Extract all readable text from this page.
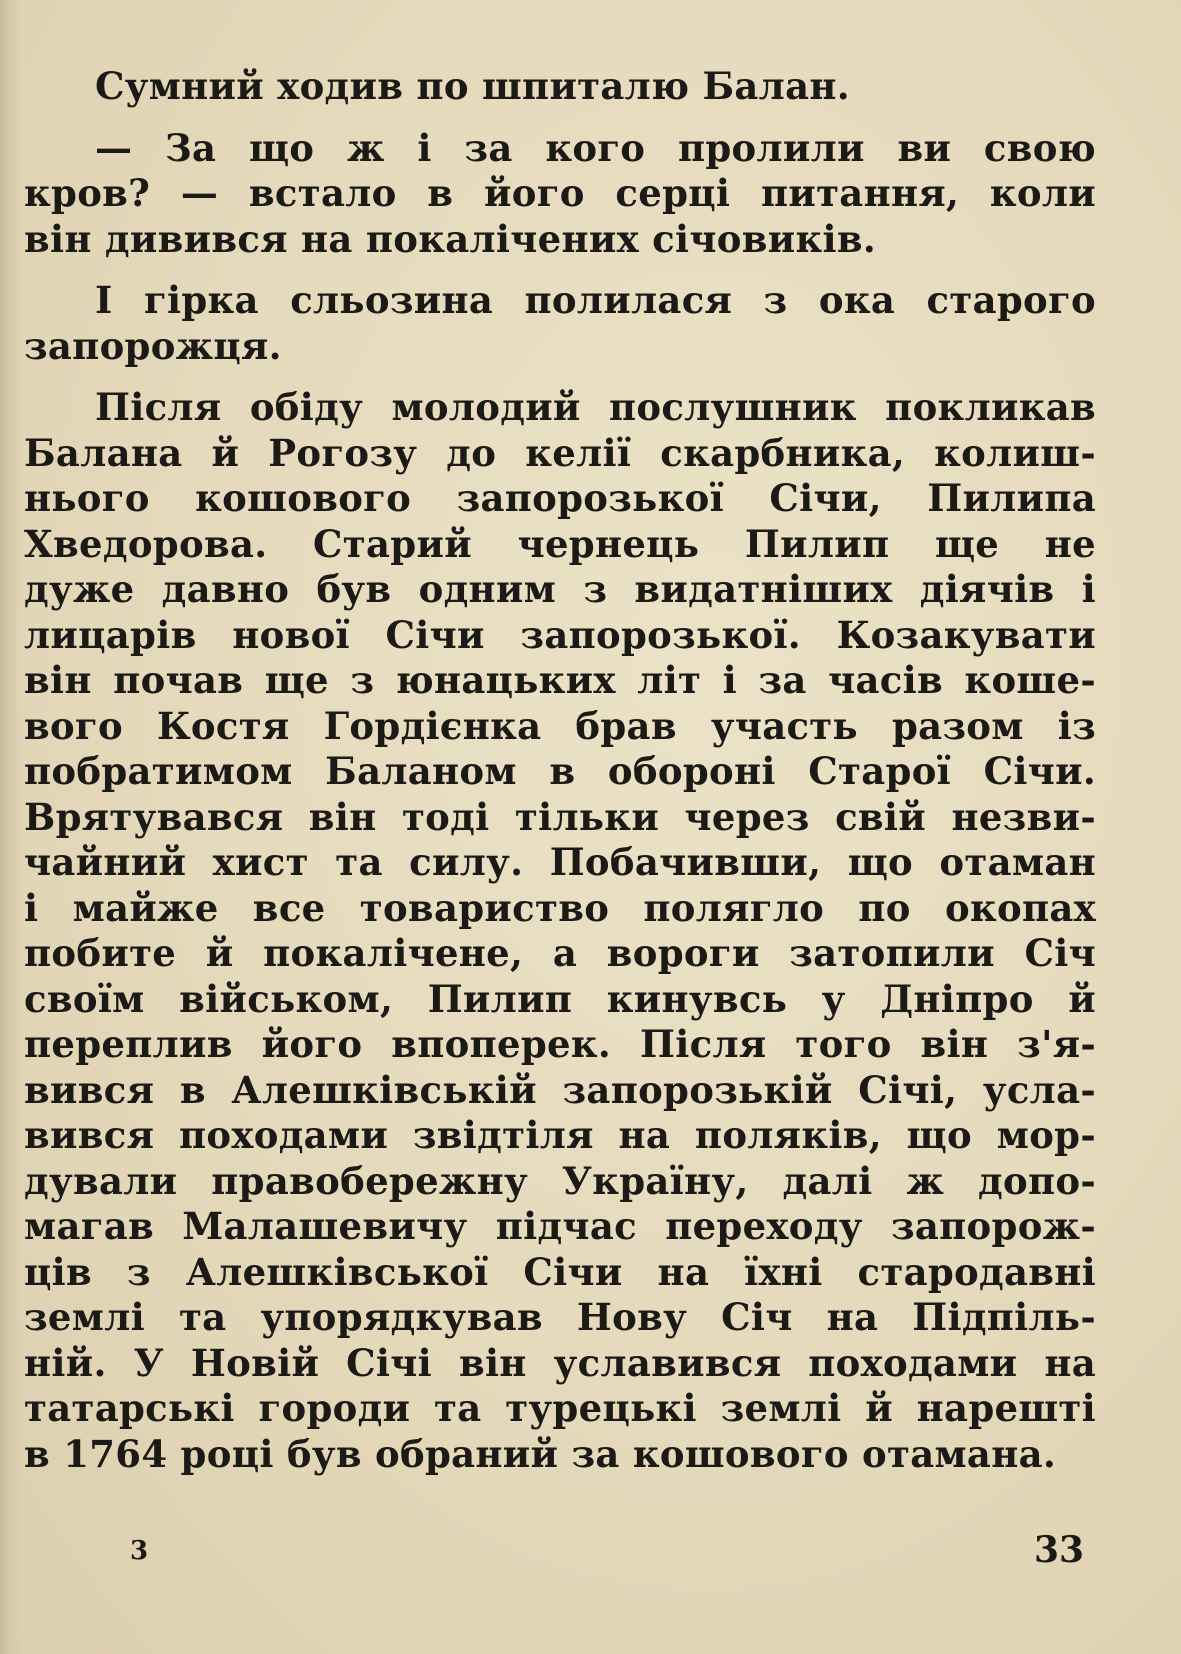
Сумний ходив по шпиталю Балан.
— За що ж і за кого пролили ви свою
кров? — встало в його серці питання, коли
він дивився на покалічених січовиків.
І гірка сльозина полилася з ока старого
запорожця.
Після обіду молодий послушник покликав
Балана й Рогозу до келії скарбника, колиш-
нього кошового запорозької Січи, Пилипа
Хведорова. Старий чернець Пилип ще не
дуже давно був одним з видатніших діячів і
лицарів нової Січи запорозької. Козакувати
він почав ще з юнацьких літ і за часів коше-
вого Костя Гордієнка брав участь разом із
побратимом Баланом в обороні Старої Січи.
Врятувався він тоді тільки через свій незви-
чайний хист та силу. Побачивши, що отаман
і майже все товариство полягло по окопах
побите й покалічене, а вороги затопили Січ
своїм військом, Пилип кинувсь у Дніпро й
переплив його впоперек. Після того він з'я-
вився в Алешківській запорозькій Січі, усла-
вився походами звідтіля на поляків, що мор-
дували правобережну Україну, далі ж допо-
магав Малашевичу підчас переходу запорож-
ців з Алешківської Січи на їхні стародавні
землі та упорядкував Нову Січ на Підпіль-
ній. У Новій Січі він уславився походами на
татарські городи та турецькі землі й нарешті
в 1764 році був обраний за кошового отамана.
3	33
